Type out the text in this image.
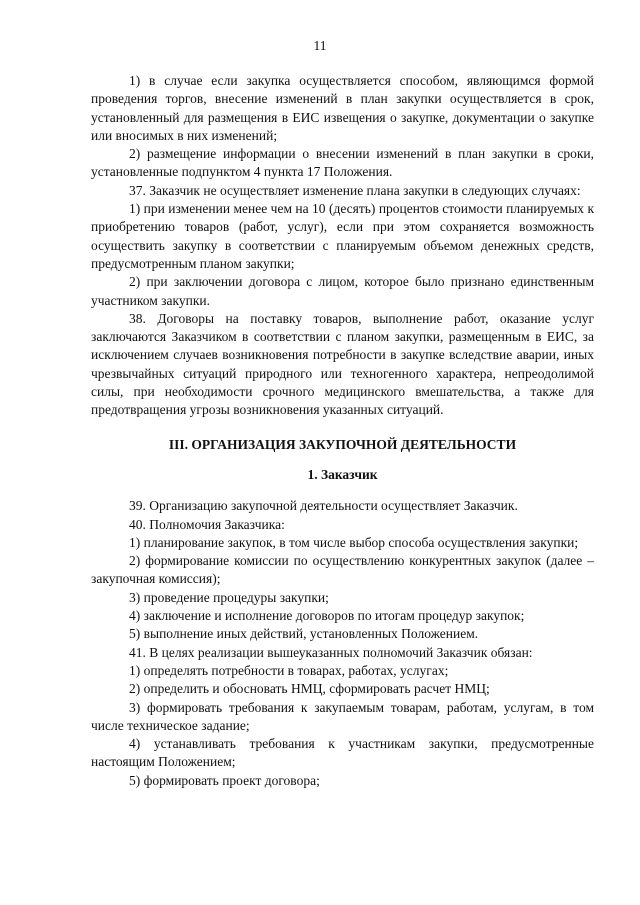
11

1) в случае если закупка осуществляется способом, являющимся формой проведения торгов, внесение изменений в план закупки осуществляется в срок, установленный для размещения в ЕИС извещения о закупке, документации о закупке или вносимых в них изменений;

2) размещение информации о внесении изменений в план закупки в сроки, установленные подпунктом 4 пункта 17 Положения.

37. Заказчик не осуществляет изменение плана закупки в следующих случаях:

1) при изменении менее чем на 10 (десять) процентов стоимости планируемых к приобретению товаров (работ, услуг), если при этом сохраняется возможность осуществить закупку в соответствии с планируемым объемом денежных средств, предусмотренным планом закупки;

2) при заключении договора с лицом, которое было признано единственным участником закупки.

38. Договоры на поставку товаров, выполнение работ, оказание услуг заключаются Заказчиком в соответствии с планом закупки, размещенным в ЕИС, за исключением случаев возникновения потребности в закупке вследствие аварии, иных чрезвычайных ситуаций природного или техногенного характера, непреодолимой силы, при необходимости срочного медицинского вмешательства, а также для предотвращения угрозы возникновения указанных ситуаций.

III. ОРГАНИЗАЦИЯ ЗАКУПОЧНОЙ ДЕЯТЕЛЬНОСТИ

1. Заказчик

39. Организацию закупочной деятельности осуществляет Заказчик.

40. Полномочия Заказчика:

1) планирование закупок, в том числе выбор способа осуществления закупки;

2) формирование комиссии по осуществлению конкурентных закупок (далее – закупочная комиссия);

3) проведение процедуры закупки;

4) заключение и исполнение договоров по итогам процедур закупок;

5) выполнение иных действий, установленных Положением.

41. В целях реализации вышеуказанных полномочий Заказчик обязан:

1) определять потребности в товарах, работах, услугах;

2) определить и обосновать НМЦ, сформировать расчет НМЦ;

3) формировать требования к закупаемым товарам, работам, услугам, в том числе техническое задание;

4) устанавливать требования к участникам закупки, предусмотренные настоящим Положением;

5) формировать проект договора;
